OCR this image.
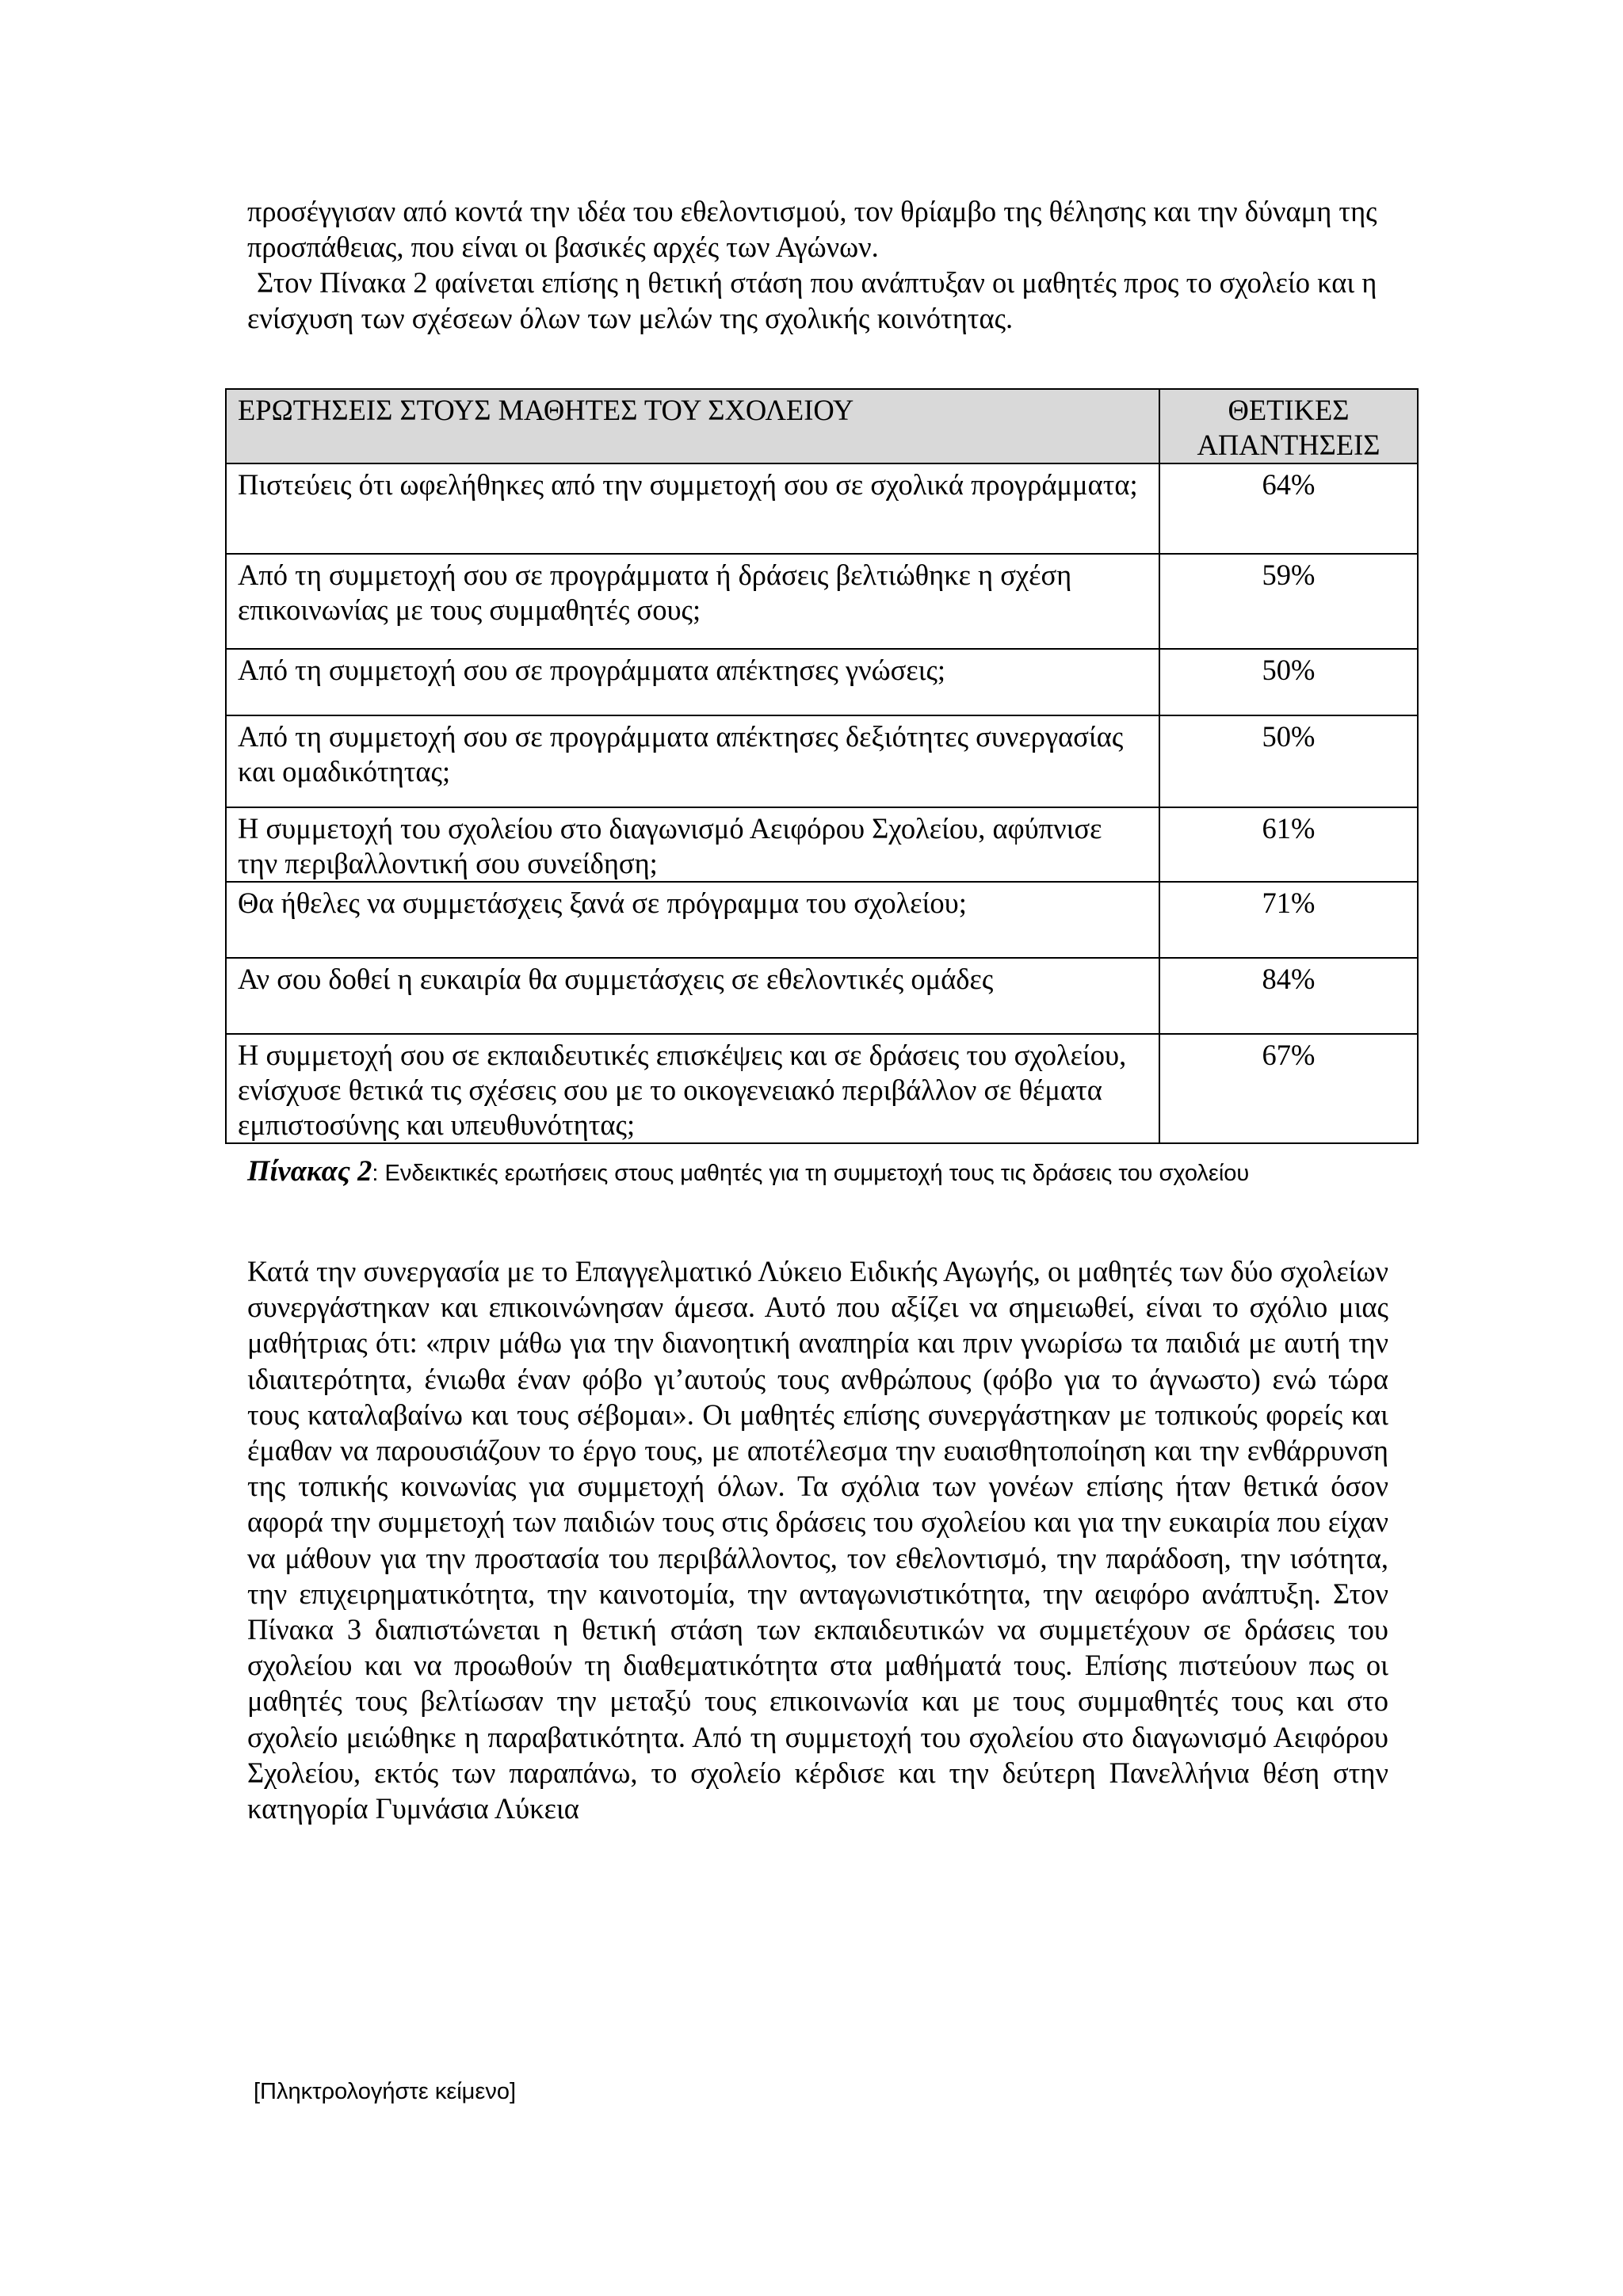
προσέγγισαν από κοντά την ιδέα του εθελοντισμού, τον θρίαμβο της θέλησης και την δύναμη της προσπάθειας, που είναι οι βασικές αρχές των Αγώνων.

Στον Πίνακα 2 φαίνεται επίσης η θετική στάση που ανάπτυξαν οι μαθητές προς το σχολείο και η ενίσχυση των σχέσεων όλων των μελών της σχολικής κοινότητας.

ΕΡΩΤΗΣΕΙΣ ΣΤΟΥΣ ΜΑΘΗΤΕΣ ΤΟΥ ΣΧΟΛΕΙΟΥ	ΘΕΤΙΚΕΣ
ΑΠΑΝΤΗΣΕΙΣ

Πιστεύεις ότι ωφελήθηκες από την συμμετοχή σου σε σχολικά προγράμματα;	64%
Από τη συμμετοχή σου σε προγράμματα ή δράσεις βελτιώθηκε η σχέση επικοινωνίας με τους συμμαθητές σους;	59%
Από τη συμμετοχή σου σε προγράμματα απέκτησες γνώσεις;	50%
Από τη συμμετοχή σου σε προγράμματα απέκτησες δεξιότητες συνεργασίας και ομαδικότητας;	50%
Η συμμετοχή του σχολείου στο διαγωνισμό Αειφόρου Σχολείου, αφύπνισε την περιβαλλοντική σου συνείδηση;	61%
Θα ήθελες να συμμετάσχεις ξανά σε πρόγραμμα του σχολείου;	71%
Αν σου δοθεί η ευκαιρία θα συμμετάσχεις σε εθελοντικές ομάδες	84%
Η συμμετοχή σου σε εκπαιδευτικές επισκέψεις και σε δράσεις του σχολείου, ενίσχυσε θετικά τις σχέσεις σου με το οικογενειακό περιβάλλον σε θέματα εμπιστοσύνης και υπευθυνότητας;	67%
Πίνακας 2: Ενδεικτικές ερωτήσεις στους μαθητές για τη συμμετοχή τους τις δράσεις του σχολείου

Κατά την συνεργασία με το Επαγγελματικό Λύκειο Ειδικής Αγωγής, οι μαθητές των δύο σχολείων συνεργάστηκαν και επικοινώνησαν άμεσα. Αυτό που αξίζει να σημειωθεί, είναι το σχόλιο μιας μαθήτριας ότι: «πριν μάθω για την διανοητική αναπηρία και πριν γνωρίσω τα παιδιά με αυτή την ιδιαιτερότητα, ένιωθα έναν φόβο γι’αυτούς τους ανθρώπους (φόβο για το άγνωστο) ενώ τώρα τους καταλαβαίνω και τους σέβομαι». Οι μαθητές επίσης συνεργάστηκαν με τοπικούς φορείς και έμαθαν να παρουσιάζουν το έργο τους, με αποτέλεσμα την ευαισθητοποίηση και την ενθάρρυνση της τοπικής κοινωνίας για συμμετοχή όλων. Τα σχόλια των γονέων επίσης ήταν θετικά όσον αφορά την συμμετοχή των παιδιών τους στις δράσεις του σχολείου και για την ευκαιρία που είχαν να μάθουν για την προστασία του περιβάλλοντος, τον εθελοντισμό, την παράδοση, την ισότητα, την επιχειρηματικότητα, την καινοτομία, την ανταγωνιστικότητα, την αειφόρο ανάπτυξη. Στον Πίνακα 3 διαπιστώνεται η θετική στάση των εκπαιδευτικών να συμμετέχουν σε δράσεις του σχολείου και να προωθούν τη διαθεματικότητα στα μαθήματά τους. Επίσης πιστεύουν πως οι μαθητές τους βελτίωσαν την μεταξύ τους επικοινωνία και με τους συμμαθητές τους και στο σχολείο μειώθηκε η παραβατικότητα. Από τη συμμετοχή του σχολείου στο διαγωνισμό Αειφόρου Σχολείου, εκτός των παραπάνω, το σχολείο κέρδισε και την δεύτερη Πανελλήνια θέση στην κατηγορία Γυμνάσια Λύκεια

[Πληκτρολογήστε κείμενο]
